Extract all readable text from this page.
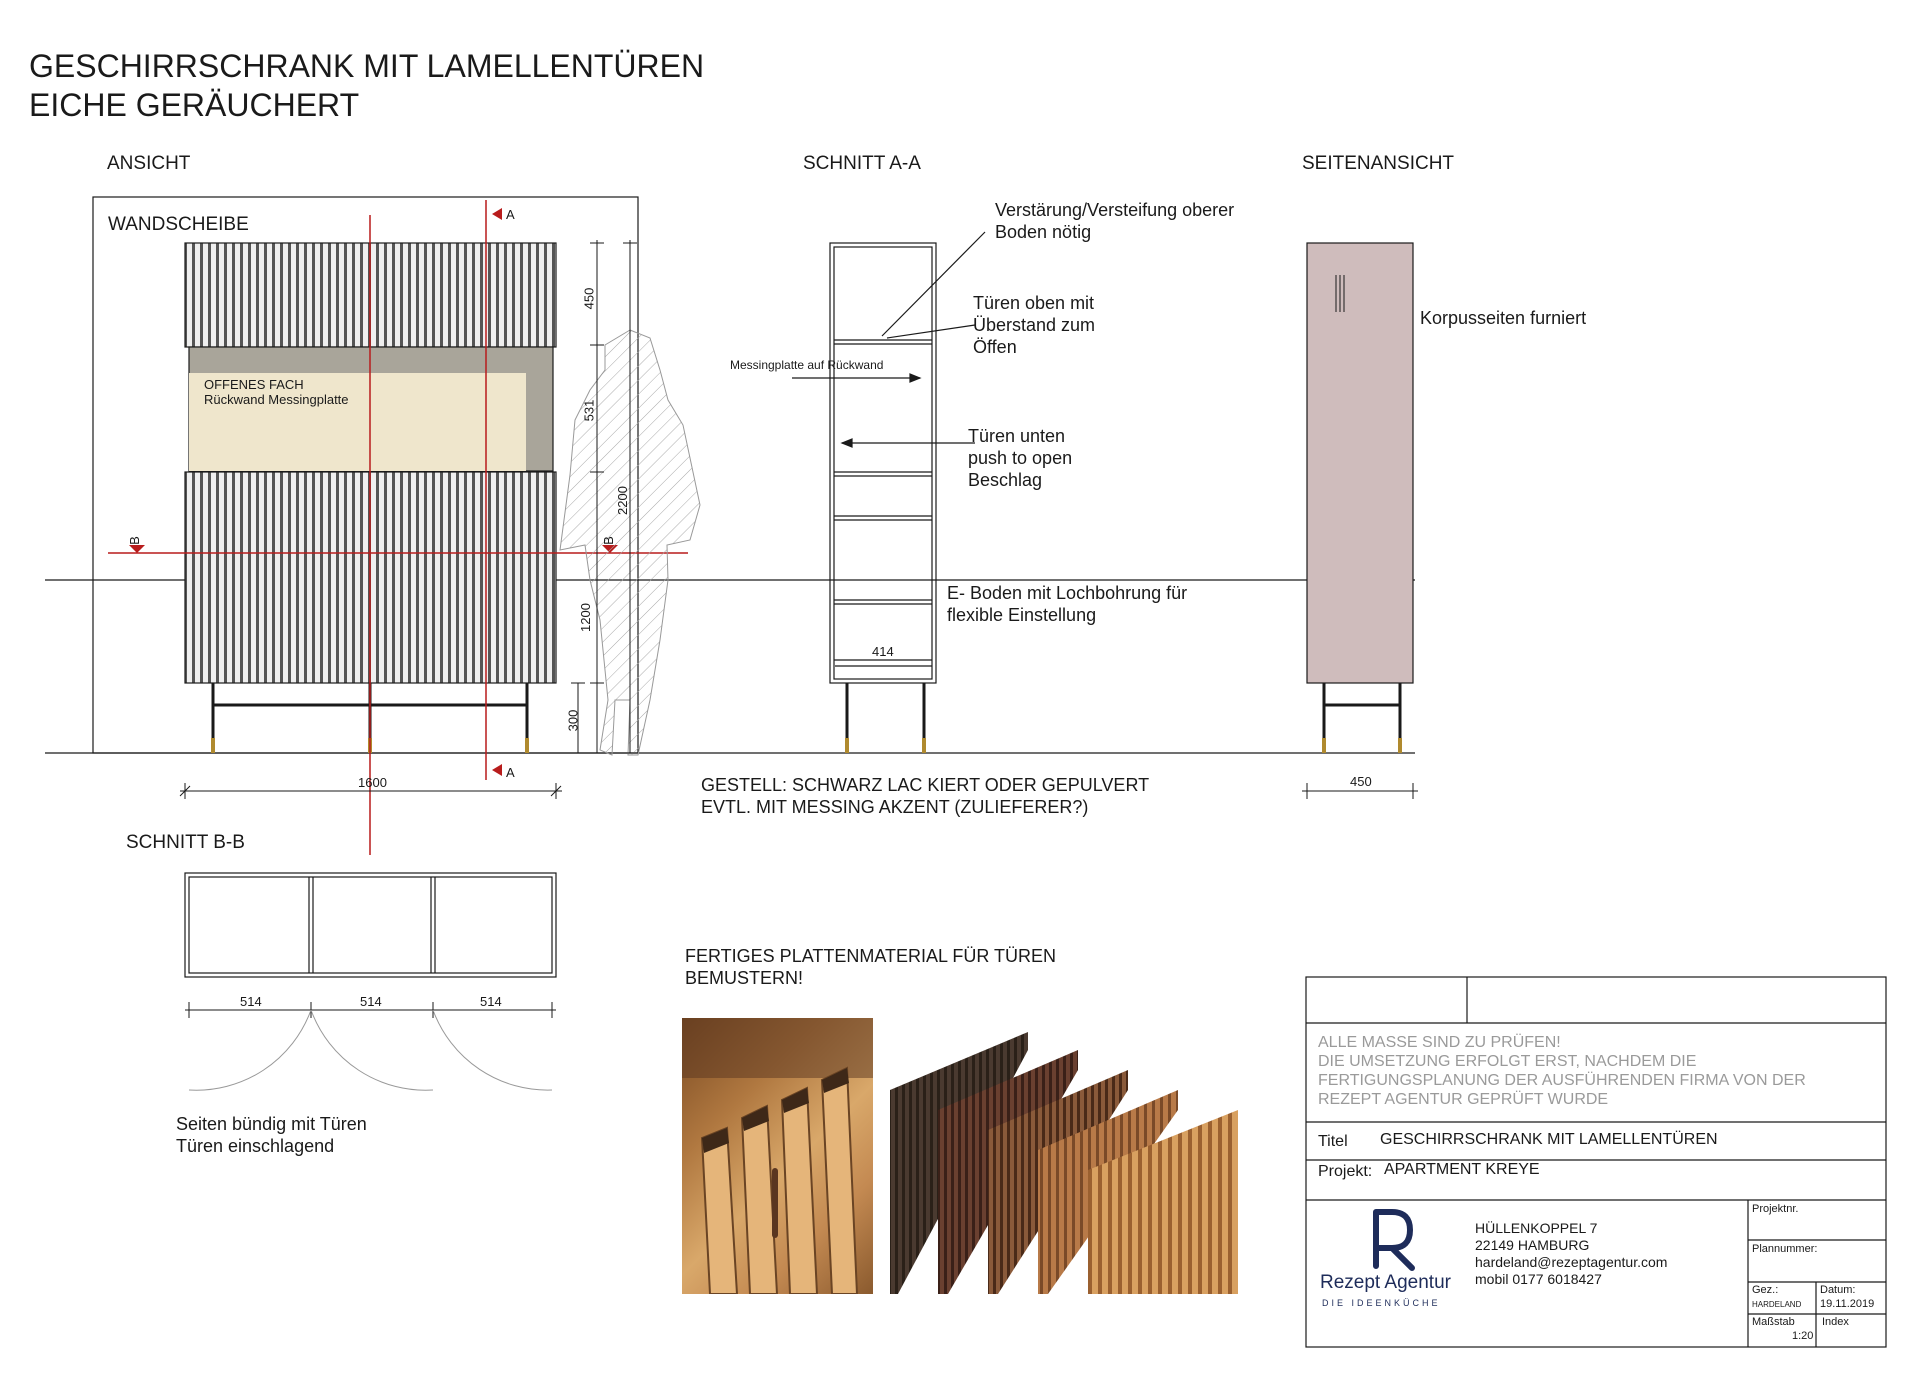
GESCHIRRSCHRANK MIT LAMELLENTÜREN
EICHE GERÄUCHERT
ANSICHT	SCHNITT A-A	SEITENANSICHT
SCHNITT B-B
WANDSCHEIBE
OFFENES FACH
Rückwand Messingplatte
A
A
B	B
450
531
1200
300
2200
1600
Verstärung/Versteifung oberer
Boden nötig
Türen oben mit
Überstand zum
Öffen
Messingplatte auf Rückwand
Türen unten
push to open
Beschlag
E- Boden mit Lochbohrung für
flexible Einstellung
414
Korpusseiten furniert
450
GESTELL: SCHWARZ LAC KIERT ODER GEPULVERT
EVTL. MIT MESSING AKZENT (ZULIEFERER?)
514	514	514
Seiten bündig mit Türen
Türen einschlagend
FERTIGES PLATTENMATERIAL FÜR TÜREN
BEMUSTERN!
ALLE MASSE SIND ZU PRÜFEN!
DIE UMSETZUNG ERFOLGT ERST, NACHDEM DIE
FERTIGUNGSPLANUNG DER AUSFÜHRENDEN FIRMA VON DER
REZEPT AGENTUR GEPRÜFT WURDE
Titel GESCHIRRSCHRANK MIT LAMELLENTÜREN
Projekt: APARTMENT KREYE
Rezept Agentur
DIE IDEENKÜCHE
HÜLLENKOPPEL 7
22149 HAMBURG
hardeland@rezeptagentur.com
mobil 0177 6018427
Projektnr.
Plannummer:
Gez.:
HARDELAND
Datum:
19.11.2019
Maßstab
1:20
Index
